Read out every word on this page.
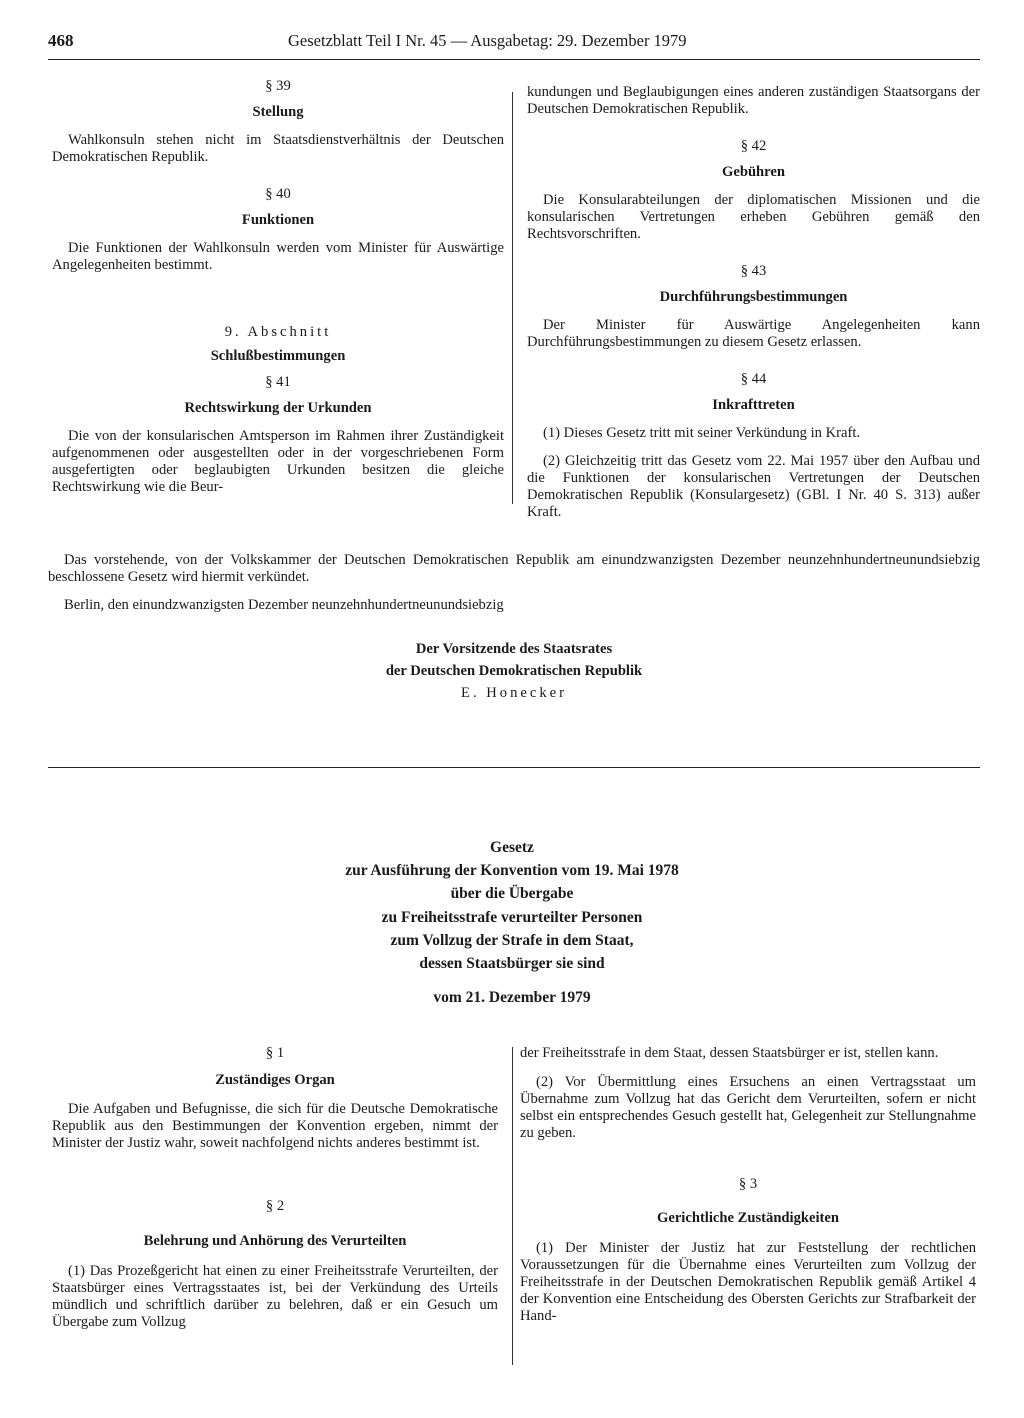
468	Gesetzblatt Teil I Nr. 45 — Ausgabetag: 29. Dezember 1979

§ 39

Stellung

Wahlkonsuln stehen nicht im Staatsdienstverhältnis der Deutschen Demokratischen Republik.

§ 40

Funktionen

Die Funktionen der Wahlkonsuln werden vom Minister für Auswärtige Angelegenheiten bestimmt.

9. Abschnitt

Schlußbestimmungen

§ 41

Rechtswirkung der Urkunden

Die von der konsularischen Amtsperson im Rahmen ihrer Zuständigkeit aufgenommenen oder ausgestellten oder in der vorgeschriebenen Form ausgefertigten oder beglaubigten Urkunden besitzen die gleiche Rechtswirkung wie die Beur-

kundungen und Beglaubigungen eines anderen zuständigen Staatsorgans der Deutschen Demokratischen Republik.

§ 42

Gebühren

Die Konsularabteilungen der diplomatischen Missionen und die konsularischen Vertretungen erheben Gebühren gemäß den Rechtsvorschriften.

§ 43

Durchführungsbestimmungen

Der Minister für Auswärtige Angelegenheiten kann Durchführungsbestimmungen zu diesem Gesetz erlassen.

§ 44

Inkrafttreten

(1) Dieses Gesetz tritt mit seiner Verkündung in Kraft.

(2) Gleichzeitig tritt das Gesetz vom 22. Mai 1957 über den Aufbau und die Funktionen der konsularischen Vertretungen der Deutschen Demokratischen Republik (Konsulargesetz) (GBl. I Nr. 40 S. 313) außer Kraft.

Das vorstehende, von der Volkskammer der Deutschen Demokratischen Republik am einundzwanzigsten Dezember neunzehnhundertneunundsiebzig beschlossene Gesetz wird hiermit verkündet.

Berlin, den einundzwanzigsten Dezember neunzehnhundertneunundsiebzig

Der Vorsitzende des Staatsrates
der Deutschen Demokratischen Republik
E. Honecker
Gesetz
zur Ausführung der Konvention vom 19. Mai 1978
über die Übergabe
zu Freiheitsstrafe verurteilter Personen
zum Vollzug der Strafe in dem Staat,
dessen Staatsbürger sie sind
vom 21. Dezember 1979

§ 1

Zuständiges Organ

Die Aufgaben und Befugnisse, die sich für die Deutsche Demokratische Republik aus den Bestimmungen der Konvention ergeben, nimmt der Minister der Justiz wahr, soweit nachfolgend nichts anderes bestimmt ist.

§ 2

Belehrung und Anhörung des Verurteilten

(1) Das Prozeßgericht hat einen zu einer Freiheitsstrafe Verurteilten, der Staatsbürger eines Vertragsstaates ist, bei der Verkündung des Urteils mündlich und schriftlich darüber zu belehren, daß er ein Gesuch um Übergabe zum Vollzug

der Freiheitsstrafe in dem Staat, dessen Staatsbürger er ist, stellen kann.

(2) Vor Übermittlung eines Ersuchens an einen Vertragsstaat um Übernahme zum Vollzug hat das Gericht dem Verurteilten, sofern er nicht selbst ein entsprechendes Gesuch gestellt hat, Gelegenheit zur Stellungnahme zu geben.

§ 3

Gerichtliche Zuständigkeiten

(1) Der Minister der Justiz hat zur Feststellung der rechtlichen Voraussetzungen für die Übernahme eines Verurteilten zum Vollzug der Freiheitsstrafe in der Deutschen Demokratischen Republik gemäß Artikel 4 der Konvention eine Entscheidung des Obersten Gerichts zur Strafbarkeit der Hand-
